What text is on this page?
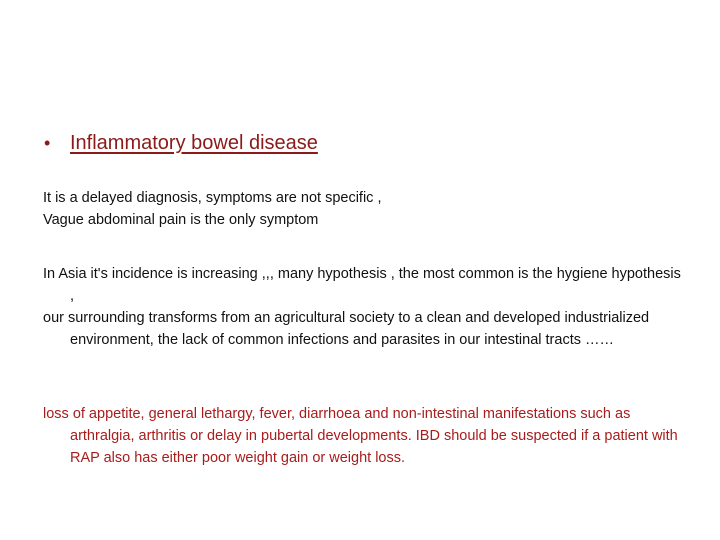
• Inflammatory bowel disease

It is a delayed diagnosis, symptoms are not specific ,

Vague abdominal pain is the only symptom

In Asia it's incidence is increasing ,,, many hypothesis , the most common is the hygiene hypothesis ,

our surrounding transforms from an agricultural society to a clean and developed industrialized environment, the lack of common infections and parasites in our intestinal tracts ……

loss of appetite, general lethargy, fever, diarrhoea and non-intestinal manifestations such as arthralgia, arthritis or delay in pubertal developments. IBD should be suspected if a patient with RAP also has either poor weight gain or weight loss.
